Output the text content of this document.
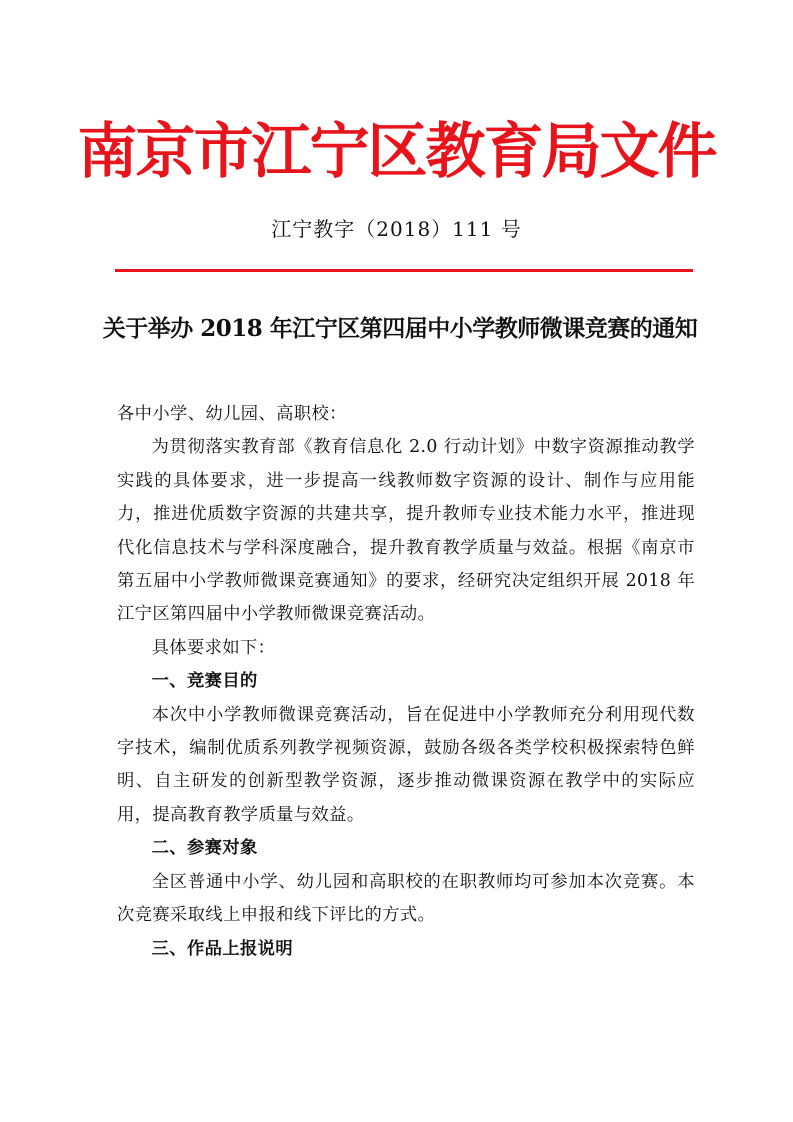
南京市江宁区教育局文件
江宁教字（2018）111 号
关于举办 2018 年江宁区第四届中小学教师微课竞赛的通知

各中小学、幼儿园、高职校：

为贯彻落实教育部《教育信息化 2.0 行动计划》中数字资源推动教学实践的具体要求，进一步提高一线教师数字资源的设计、制作与应用能力，推进优质数字资源的共建共享，提升教师专业技术能力水平，推进现代化信息技术与学科深度融合，提升教育教学质量与效益。根据《南京市第五届中小学教师微课竞赛通知》的要求，经研究决定组织开展 2018 年江宁区第四届中小学教师微课竞赛活动。

具体要求如下：

一、竞赛目的

本次中小学教师微课竞赛活动，旨在促进中小学教师充分利用现代数字技术，编制优质系列教学视频资源，鼓励各级各类学校积极探索特色鲜明、自主研发的创新型教学资源，逐步推动微课资源在教学中的实际应用，提高教育教学质量与效益。

二、参赛对象

全区普通中小学、幼儿园和高职校的在职教师均可参加本次竞赛。本次竞赛采取线上申报和线下评比的方式。

三、作品上报说明
